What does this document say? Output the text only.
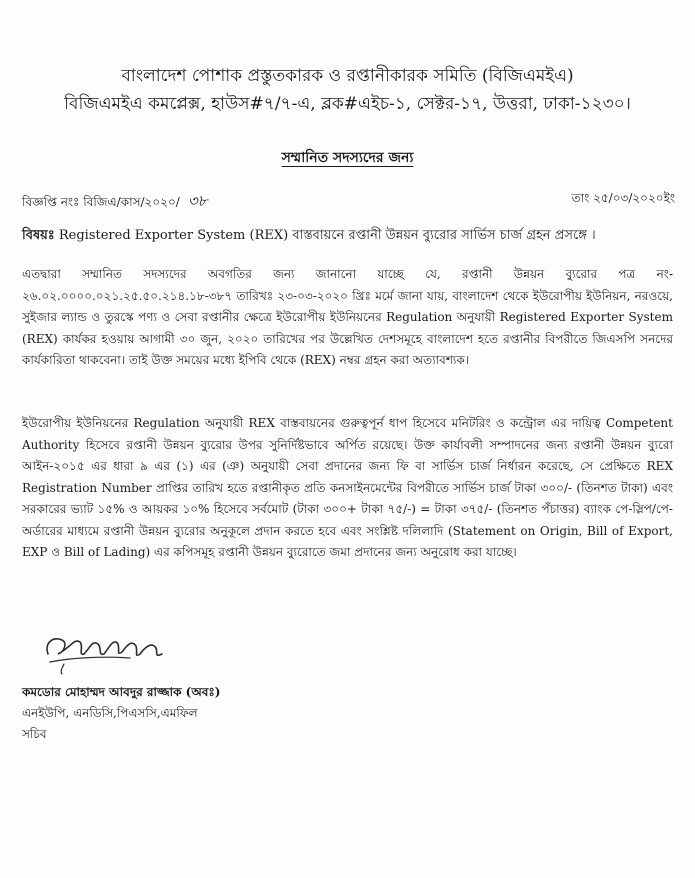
বাংলাদেশ পোশাক প্রস্তুতকারক ও রপ্তানীকারক সমিতি (বিজিএমইএ)
বিজিএমইএ কমপ্লেক্স, হাউস#৭/৭-এ, ব্লক#এইচ-১, সেক্টর-১৭, উত্তরা, ঢাকা-১২৩০।
সম্মানিত সদস্যদের জন্য
বিজ্ঞপ্তি নংঃ বিজিএ/কাস/২০২০/ ৩৮	তাং ২৫/০৩/২০২০ইং
বিষয়ঃ Registered Exporter System (REX) বাস্তবায়নে রপ্তানী উন্নয়ন ব্যুরোর সার্ভিস চার্জ গ্রহন প্রসঙ্গে ।
এতদ্বারা সম্মানিত সদস্যদের অবগতির জন্য জানানো যাচ্ছে যে, রপ্তানী উন্নয়ন ব্যুরোর পত্র নং- ২৬.০২.০০০০.০২১.২৫.৫০.২১৪.১৮-৩৮৭ তারিখঃ ২৩-০৩-২০২০ খ্রিঃ মর্মে জানা যায়, বাংলাদেশ থেকে ইউরোপীয় ইউনিয়ন, নরওয়ে, সুইজার ল্যান্ড ও তুরস্কে পণ্য ও সেবা রপ্তানীর ক্ষেত্রে ইউরোপীয় ইউনিয়নের Regulation অনুযায়ী Registered Exporter System (REX) কার্যকর হওয়ায় আগামী ৩০ জুন, ২০২০ তারিখের পর উল্লেখিত দেশসমূহে বাংলাদেশ হতে রপ্তানীর বিপরীতে জিএসপি সনদের কার্যকারিতা থাকবেনা। তাই উক্ত সময়ের মধ্যে ইপিবি থেকে (REX) নম্বর গ্রহন করা অত্যাবশ্যক।
ইউরোপীয় ইউনিয়নের Regulation অনুযায়ী REX বাস্তবায়নের গুরুত্বপূর্ন ধাপ হিসেবে মনিটরিং ও কন্ট্রোল এর দায়িত্ব Competent Authority হিসেবে রপ্তানী উন্নয়ন ব্যুরোর উপর সুনির্দিষ্টভাবে অর্পিত রয়েছে। উক্ত কার্যাবলী সম্পাদনের জন্য রপ্তানী উন্নয়ন ব্যুরো আইন-২০১৫ এর ধারা ৯ এর (১) এর (ঞ) অনুযায়ী সেবা প্রদানের জন্য ফি বা সার্ভিস চার্জ নির্ধারন করেছে, সে প্রেক্ষিতে REX Registration Number প্রাপ্তির তারিখ হতে রপ্তানীকৃত প্রতি কনসাইনমেন্টের বিপরীতে সার্ভিস চার্জ টাকা ৩০০/- (তিনশত টাকা) এবং সরকারের ভ্যাট ১৫% ও আয়কর ১০% হিসেবে সর্বমোট (টাকা ৩০০+ টাকা ৭৫/-) = টাকা ৩৭৫/- (তিনশত পঁচাত্তর) ব্যাংক পে-স্লিপ/পে-অর্ডারের মাধ্যমে রপ্তানী উন্নয়ন ব্যুরোর অনুকূলে প্রদান করতে হবে এবং সংশ্লিষ্ট দলিলাদি (Statement on Origin, Bill of Export, EXP ও Bill of Lading) এর কপিসমূহ রপ্তানী উন্নয়ন ব্যুরোতে জমা প্রদানের জন্য অনুরোধ করা যাচ্ছে।
কমডোর মোহাম্মদ আবদুর রাজ্জাক (অবঃ)
এনইউপি, এনডিসি,পিএসসি,এমফিল
সচিব
